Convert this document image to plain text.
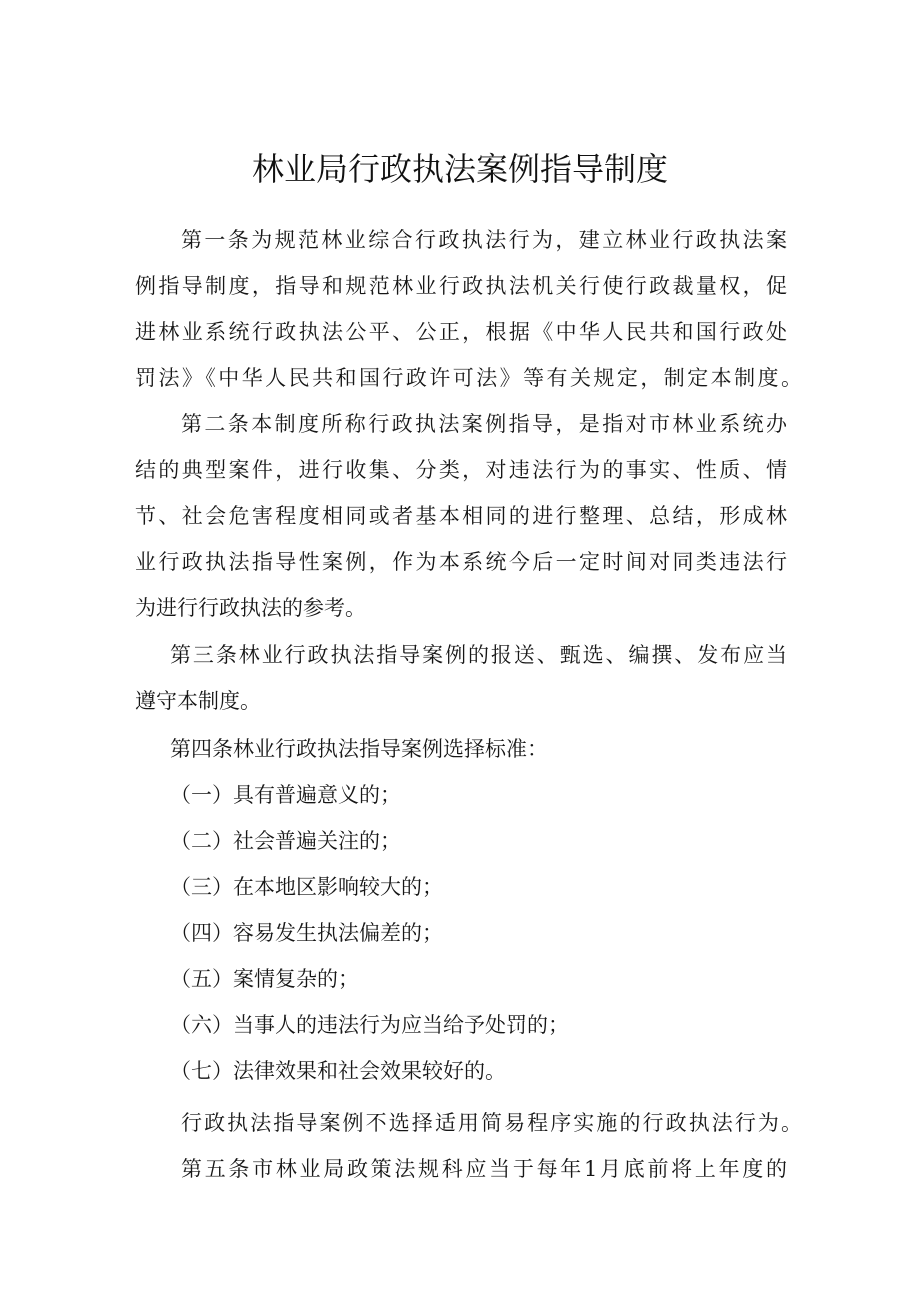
林业局行政执法案例指导制度
第一条为规范林业综合行政执法行为，建立林业行政执法案
例指导制度，指导和规范林业行政执法机关行使行政裁量权，促
进林业系统行政执法公平、公正，根据《中华人民共和国行政处
罚法》《中华人民共和国行政许可法》等有关规定，制定本制度。
第二条本制度所称行政执法案例指导，是指对市林业系统办
结的典型案件，进行收集、分类，对违法行为的事实、性质、情
节、社会危害程度相同或者基本相同的进行整理、总结，形成林
业行政执法指导性案例，作为本系统今后一定时间对同类违法行
为进行行政执法的参考。
第三条林业行政执法指导案例的报送、甄选、编撰、发布应当
遵守本制度。
第四条林业行政执法指导案例选择标准：
（一）具有普遍意义的；
（二）社会普遍关注的；
（三）在本地区影响较大的；
（四）容易发生执法偏差的；
（五）案情复杂的；
（六）当事人的违法行为应当给予处罚的；
（七）法律效果和社会效果较好的。
行政执法指导案例不选择适用简易程序实施的行政执法行为。
第五条市林业局政策法规科应当于每年1月底前将上年度的
